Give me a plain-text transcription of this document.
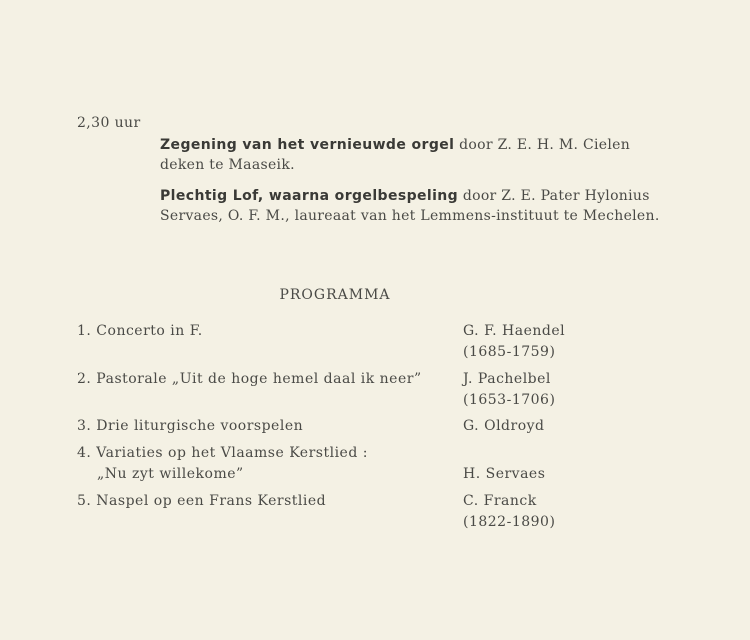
2,30 uur
Zegening van het vernieuwde orgel door Z. E. H. M. Cielen
deken te Maaseik.
Plechtig Lof, waarna orgelbespeling door Z. E. Pater Hylonius
Servaes, O. F. M., laureaat van het Lemmens-instituut te Mechelen.
PROGRAMMA
1. Concerto in F.	G. F. Haendel
(1685-1759)
2. Pastorale „Uit de hoge hemel daal ik neer”	J. Pachelbel
(1653-1706)
3. Drie liturgische voorspelen	G. Oldroyd
4. Variaties op het Vlaamse Kerstlied :
„Nu zyt willekome”	H. Servaes
5. Naspel op een Frans Kerstlied	C. Franck
(1822-1890)
